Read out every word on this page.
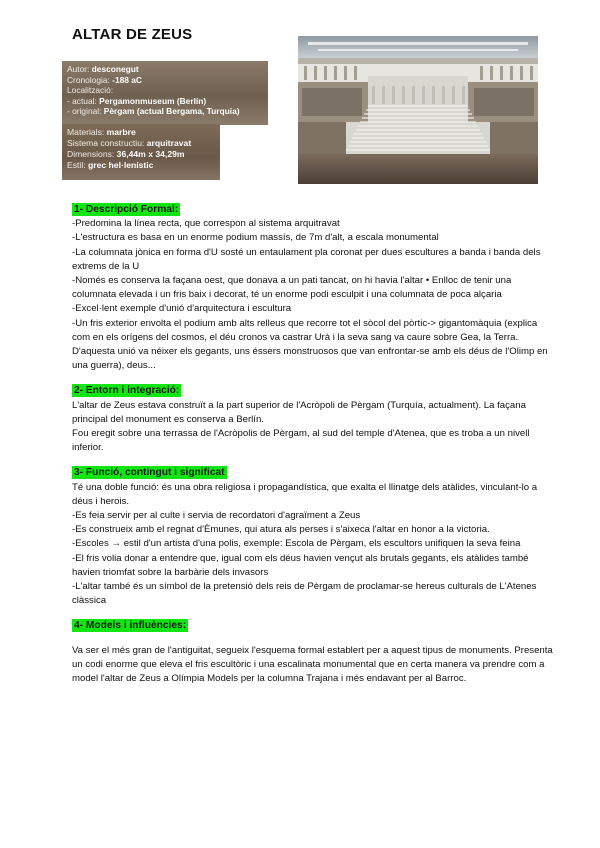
ALTAR DE ZEUS
Autor: desconegut
Cronologia: -188 aC
Localització:
- actual: Pergamonmuseum (Berlín)
- original: Pèrgam (actual Bergama, Turquia)
Materials: marbre
Sistema constructiu: arquitravat
Dimensions: 36,44m x 34,29m
Estil: grec hel·lenístic
1- Descripció Formal:

-Predomina la línea recta, que correspon al sistema arquitravat

-L'estructura es basa en un enorme podium massís, de 7m d'alt, a escala monumental

-La columnata jònica en forma d'U sosté un entaulament pla coronat per dues escultures a banda i banda dels extrems de la U

-Només es conserva la façana oest, que donava a un pati tancat, on hi havia l'altar • Enlloc de tenir una columnata elevada i un fris baix i decorat, té un enorme podi esculpit i una columnata de poca alçaria

-Excel·lent exemple d'unió d'arquitectura i escultura

-Un fris exterior envolta el podium amb alts relleus que recorre tot el sòcol del pòrtic-> gigantomàquia (explica com en els orígens del cosmos, el déu cronos va castrar Urà i la seva sang va caure sobre Gea, la Terra. D'aquesta unió va néixer els gegants, uns éssers monstruosos que van enfrontar-se amb els déus de l'Olimp en una guerra), deus...

2- Entorn i integració:

L'altar de Zeus estava construït a la part superior de l'Acròpoli de Pèrgam (Turquía, actualment). La façana principal del monument es conserva a Berlín.

Fou eregit sobre una terrassa de l'Acròpolis de Pèrgam, al sud del temple d'Atenea, que es troba a un nivell inferior.

3- Funció, contingut i significat

Té una doble funció: és una obra religiosa i propagandística, que exalta el llinatge dels atàlides, vinculant-lo a déus i herois.

-Es feia servir per al culte i servia de recordatori d'agraïment a Zeus

-Es construeix amb el regnat d'Èmunes, qui atura als perses i s'aixeca l'altar en honor a la victoria.

-Escoles → estil d'un artista d'una polis, exemple: Escola de Pèrgam, els escultors unifiquen la seva feina

-El fris volia donar a entendre que, igual com els déus havien vençut als brutals gegants, els atàlides també havien triomfat sobre la barbàrie dels invasors

-L'altar també és un símbol de la pretensió dels reis de Pèrgam de proclamar-se hereus culturals de L'Atenes clàssica

4- Models i influències:

Va ser el més gran de l'antiguitat, segueix l'esquema formal establert per a aquest tipus de monuments. Presenta un codi enorme que eleva el fris escultòric i una escalinata monumental que en certa manera va prendre com a model l'altar de Zeus a Olímpia Models per la columna Trajana i més endavant per al Barroc.
